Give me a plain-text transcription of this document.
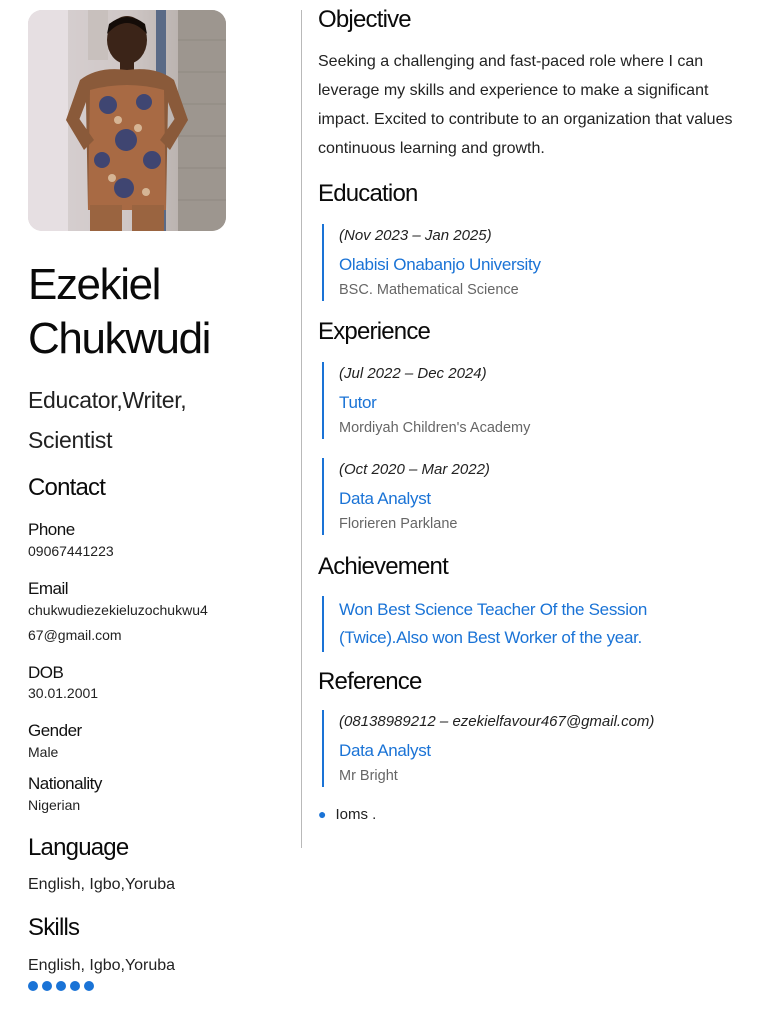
Ezekiel
Chukwudi
Educator,Writer,
Scientist
Contact
Phone
09067441223
Email
chukwudiezekieluzochukwu4
67@gmail.com
DOB
30.01.2001
Gender
Male
Nationality
Nigerian
Language
English, Igbo,Yoruba
Skills
English, Igbo,Yoruba
Objective
Seeking a challenging and fast-paced role where I can leverage my skills and experience to make a significant impact. Excited to contribute to an organization that values continuous learning and growth.
Education
(Nov 2023 – Jan 2025)
Olabisi Onabanjo University
BSC. Mathematical Science
Experience
(Jul 2022 – Dec 2024)
Tutor
Mordiyah Children's Academy
(Oct 2020 – Mar 2022)
Data Analyst
Florieren Parklane
Achievement
Won Best Science Teacher Of the Session
(Twice).Also won Best Worker of the year.
Reference
(08138989212 – ezekielfavour467@gmail.com)
Data Analyst
Mr Bright
● Ioms .
